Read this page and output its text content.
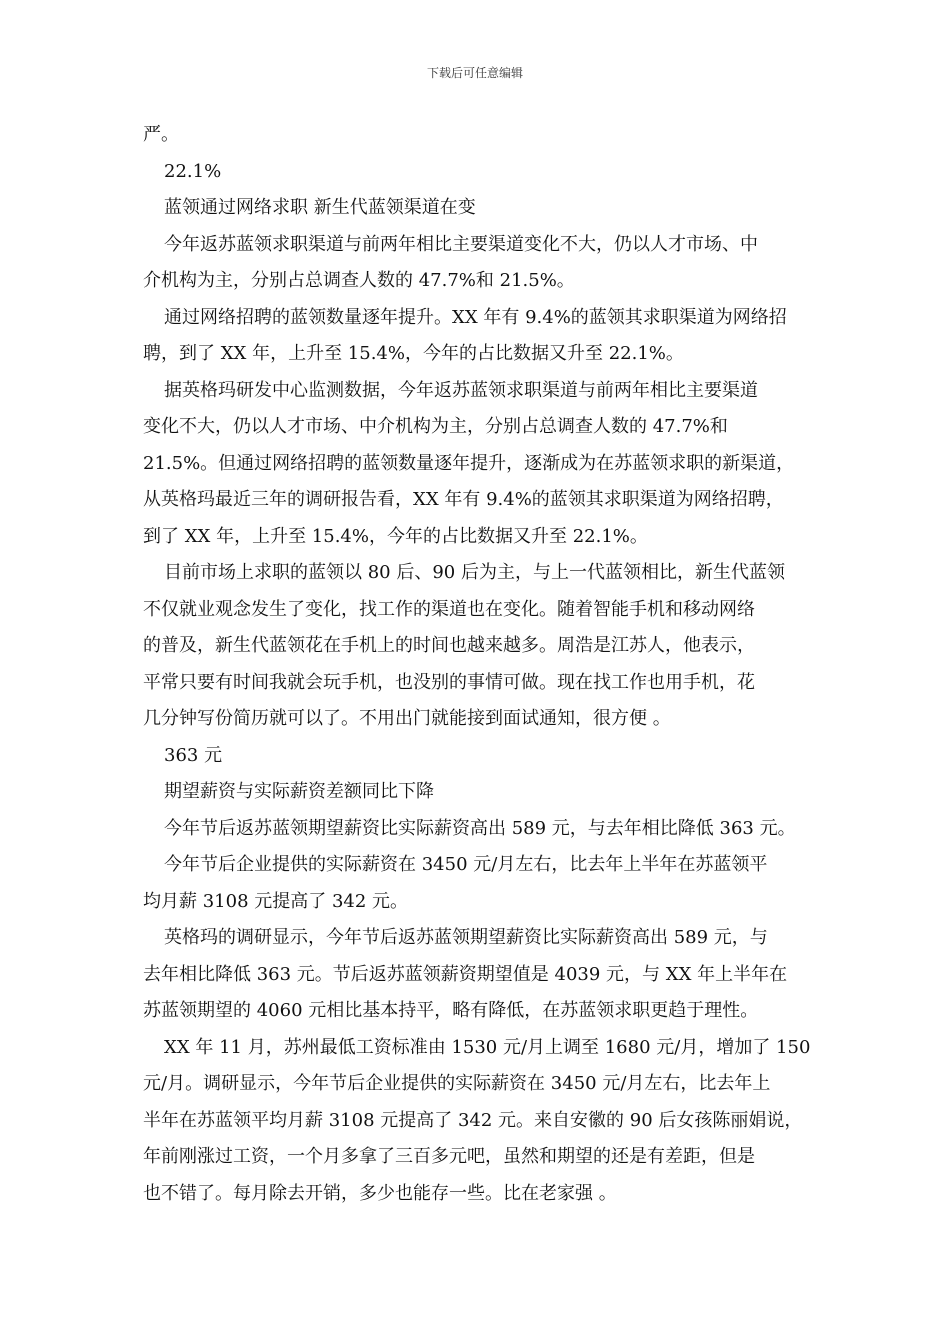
下载后可任意编辑
严。
22.1%
蓝领通过网络求职 新生代蓝领渠道在变
今年返苏蓝领求职渠道与前两年相比主要渠道变化不大，仍以人才市场、中
介机构为主，分别占总调查人数的 47.7%和 21.5%。
通过网络招聘的蓝领数量逐年提升。XX 年有 9.4%的蓝领其求职渠道为网络招
聘，到了 XX 年，上升至 15.4%，今年的占比数据又升至 22.1%。
据英格玛研发中心监测数据，今年返苏蓝领求职渠道与前两年相比主要渠道
变化不大，仍以人才市场、中介机构为主，分别占总调查人数的 47.7%和
21.5%。但通过网络招聘的蓝领数量逐年提升，逐渐成为在苏蓝领求职的新渠道，
从英格玛最近三年的调研报告看，XX 年有 9.4%的蓝领其求职渠道为网络招聘，
到了 XX 年，上升至 15.4%，今年的占比数据又升至 22.1%。
目前市场上求职的蓝领以 80 后、90 后为主，与上一代蓝领相比，新生代蓝领
不仅就业观念发生了变化，找工作的渠道也在变化。随着智能手机和移动网络
的普及，新生代蓝领花在手机上的时间也越来越多。周浩是江苏人，他表示，
平常只要有时间我就会玩手机，也没别的事情可做。现在找工作也用手机，花
几分钟写份简历就可以了。不用出门就能接到面试通知，很方便 。
363 元
期望薪资与实际薪资差额同比下降
今年节后返苏蓝领期望薪资比实际薪资高出 589 元，与去年相比降低 363 元。
今年节后企业提供的实际薪资在 3450 元/月左右，比去年上半年在苏蓝领平
均月薪 3108 元提高了 342 元。
英格玛的调研显示，今年节后返苏蓝领期望薪资比实际薪资高出 589 元，与
去年相比降低 363 元。节后返苏蓝领薪资期望值是 4039 元，与 XX 年上半年在
苏蓝领期望的 4060 元相比基本持平，略有降低，在苏蓝领求职更趋于理性。
XX 年 11 月，苏州最低工资标准由 1530 元/月上调至 1680 元/月，增加了 150
元/月。调研显示，今年节后企业提供的实际薪资在 3450 元/月左右，比去年上
半年在苏蓝领平均月薪 3108 元提高了 342 元。来自安徽的 90 后女孩陈丽娟说，
年前刚涨过工资，一个月多拿了三百多元吧，虽然和期望的还是有差距，但是
也不错了。每月除去开销，多少也能存一些。比在老家强 。
